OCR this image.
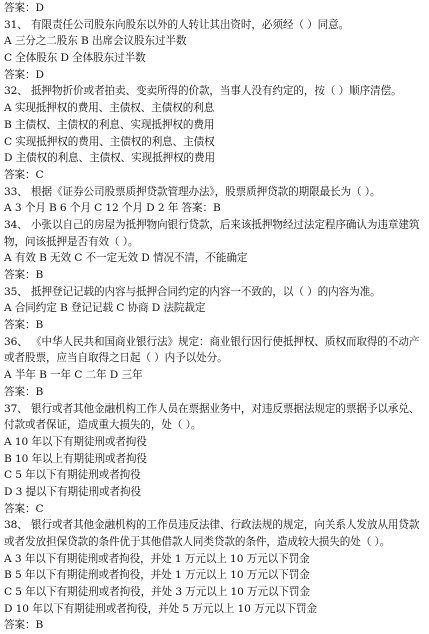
答案：D
31、 有限责任公司股东向股东以外的人转让其出资时，必须经（ ）同意。
A 三分之二股东 B 出席会议股东过半数
C 全体股东 D 全体股东过半数
答案：D
32、 抵押物折价或者拍卖、变卖所得的价款，当事人没有约定的，按（ ）顺序清偿。
A 实现抵押权的费用、主债权、主债权的利息
B 主债权、主债权的利息、实现抵押权的费用
C 实现抵押权的费用、主债权的利息、主债权
D 主债权的利息、主债权、实现抵押权的费用
答案：C
33、 根据《证券公司股票质押贷款管理办法》，股票质押贷款的期限最长为（ ）。
A 3 个月 B 6 个月 C 12 个月 D 2 年 答案：B
34、 小张以自己的房屋为抵押物向银行贷款，后来该抵押物经过法定程序确认为违章建筑
物，问该抵押是否有效（ ）。
A 有效 B 无效 C 不一定无效 D 情况不清，不能确定
答案：B
35、 抵押登记记载的内容与抵押合同约定的内容一不致的，以（ ）的内容为准。
A 合同约定 B 登记记载 C 协商 D 法院裁定
答案：B
36、 《中华人民共和国商业银行法》规定：商业银行因行使抵押权、质权而取得的不动产
或者股票，应当自取得之日起（ ）内予以处分。
A 半年 B 一年 C 二年 D 三年
答案：B
37、 银行或者其他金融机构工作人员在票据业务中，对违反票据法规定的票据予以承兑、
付款或者保证，造成重大损失的，处（ ）。
A 10 年以下有期徒刑或者拘役
B 10 年以上有期徒刑或者拘役
C 5 年以下有期徒刑或者拘役
D 3 提以下有期徒刑或者拘役
答案：C
38、 银行或者其他金融机构的工作员违反法律、行政法规的规定，向关系人发放从用贷款
或者发放担保贷款的条件优于其他借款人同类贷款的条件，造成较大损失的处（ ）。
A 3 年以下有期徒刑或者拘役，并处 1 万元以上 10 万元以下罚金
B 5 年以下有期徒刑或者拘役，并处 1 万元以上 10 万元以下罚金
C 5 年以下有期徒刑或者拘役，并处 3 万元以上 10 万元以下罚金
D 10 年以下有期徒刑或者拘役，并处 5 万元以上 10 万元以下罚金
答案：B
